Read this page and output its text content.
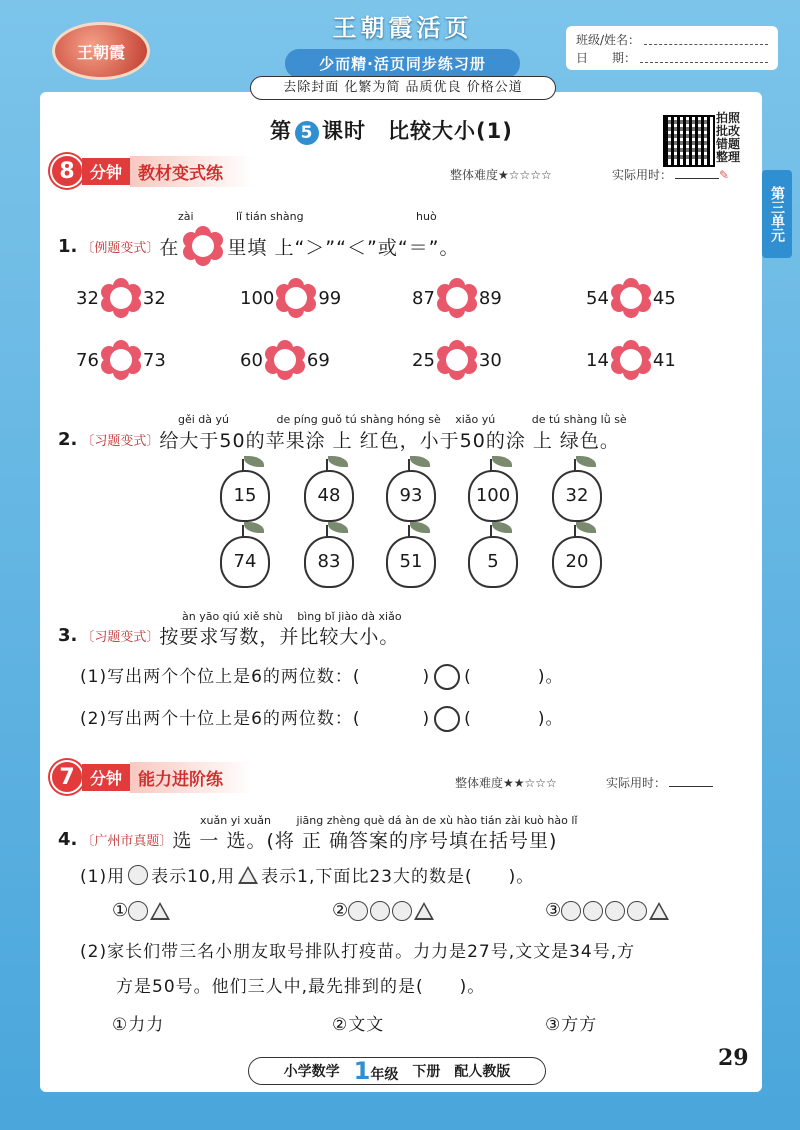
王朝霞
王朝霞活页
少而精·活页同步练习册
班级/姓名：
日　　期：
去除封面 化繁为简 品质优良 价格公道
第 5 课时　 比较大小(1)
拍照批改 错题整理
第三单元
8 分钟 教材变式练	整体难度★☆☆☆☆	实际用时：	✎
zài	lǐ tián shàng	huò
1. 〔例题变式〕 在	里填 上“＞”“＜”或“＝”。
32 32	100 99	87 89	54 45
76 73	60 69	25 30	14 41
gěi dà yú　　　　 de píng guǒ tú shàng hóng sè　 xiǎo yú　　　 de tú shàng lǜ sè
2. 〔习题变式〕 给大于50的苹果涂 上 红色，小于50的涂 上 绿色。
15	48	93	100	32
74	83	51	5	20
àn yāo qiú xiě shù　 bìng bǐ jiào dà xiǎo
3. 〔习题变式〕 按要求写数，并比较大小。
(1)写出两个个位上是6的两位数：(	) (	)。
(2)写出两个十位上是6的两位数：(	) (	)。
7 分钟 能力进阶练	整体难度★★☆☆☆	实际用时：
xuǎn yi xuǎn　　 jiāng zhèng què dá àn de xù hào tián zài kuò hào lǐ
4. 〔广州市真题〕 选 一 选。(将 正 确答案的序号填在括号里)
(1)用 表示10,用 表示1,下面比23大的数是(　　)。
①	②	③
(2)家长们带三名小朋友取号排队打疫苗。力力是27号,文文是34号,方
方是50号。他们三人中,最先排到的是(　　)。
①力力	②文文	③方方
小学数学 1年级 下册 配人教版
29
